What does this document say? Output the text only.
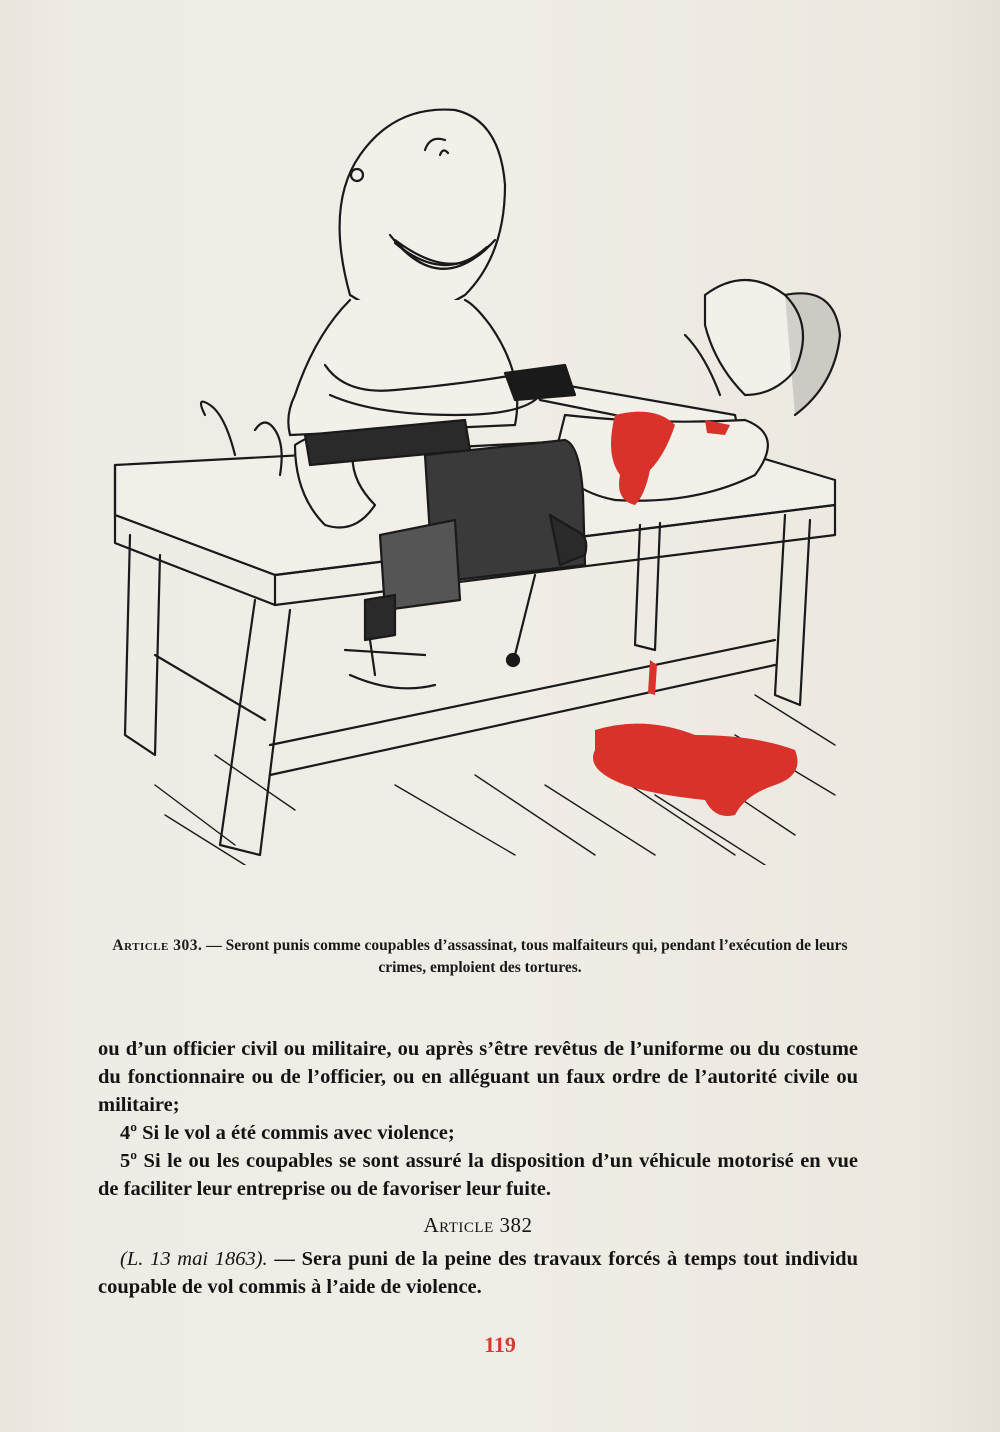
Article 303. — Seront punis comme coupables d’assassinat, tous malfaiteurs qui, pendant l’exécution de leurs crimes, emploient des tortures.

ou d’un officier civil ou militaire, ou après s’être revêtus de l’uniforme ou du costume du fonctionnaire ou de l’officier, ou en alléguant un faux ordre de l’autorité civile ou militaire;

4º Si le vol a été commis avec violence;

5º Si le ou les coupables se sont assuré la disposition d’un véhicule motorisé en vue de faciliter leur entreprise ou de favoriser leur fuite.

Article 382

(L. 13 mai 1863). — Sera puni de la peine des travaux forcés à temps tout individu coupable de vol commis à l’aide de violence.

119
